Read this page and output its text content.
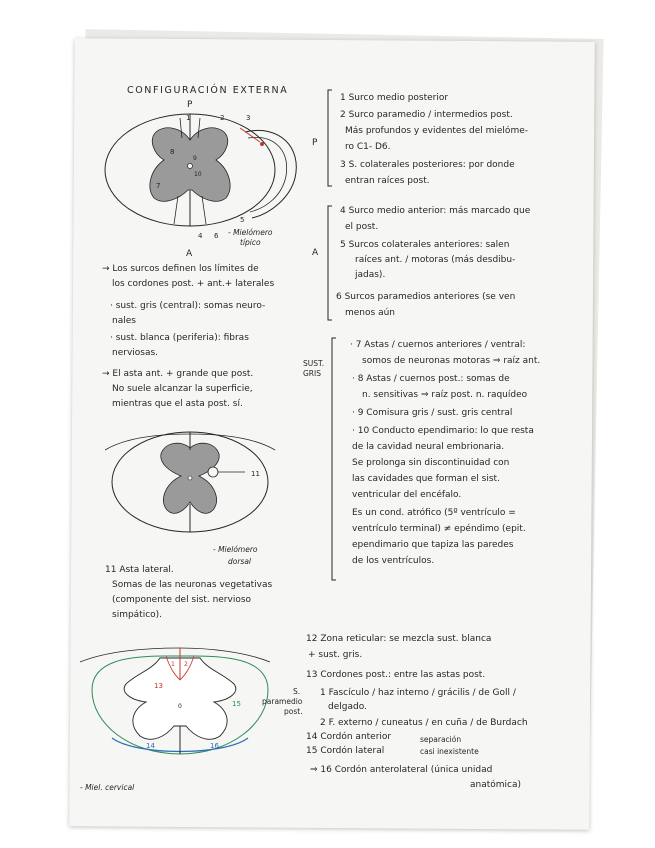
CONFIGURACIÓN EXTERNA
P
1	2	3
8
9
10
7
5
4 6
A
- Mielómero
típico
→ Los surcos definen los límites de
los cordones post. + ant.+ laterales
· sust. gris (central): somas neuro-
nales
· sust. blanca (periferia): fibras
nerviosas.
→ El asta ant. + grande que post.
No suele alcanzar la superficie,
mientras que el asta post. sí.
11
- Mielómero
dorsal
11 Asta lateral.
Somas de las neuronas vegetativas
(componente del sist. nervioso
simpático).
1 2
13
0	15
14	16
- Miel. cervical
P
A
SUST.
GRIS
1 Surco medio posterior
2 Surco paramedio / intermedios post.
Más profundos y evidentes del mielóme-
ro C1- D6.
3 S. colaterales posteriores: por donde
entran raíces post.
4 Surco medio anterior: más marcado que
el post.
5 Surcos colaterales anteriores: salen
raíces ant. / motoras (más desdibu-
jadas).
6 Surcos paramedios anteriores (se ven
menos aún
· 7 Astas / cuernos anteriores / ventral:
somos de neuronas motoras ⇒ raíz ant.
· 8 Astas / cuernos post.: somas de
n. sensitivas ⇒ raíz post. n. raquídeo
· 9 Comisura gris / sust. gris central
· 10 Conducto ependimario: lo que resta
de la cavidad neural embrionaria.
Se prolonga sin discontinuidad con
las cavidades que forman el sist.
ventricular del encéfalo.
Es un cond. atrófico (5º ventrículo =
ventrículo terminal) ≠ epéndimo (epit.
ependimario que tapiza las paredes
de los ventrículos.
12 Zona reticular: se mezcla sust. blanca
+ sust. gris.
13 Cordones post.: entre las astas post.
S.
paramedio
post.
1 Fascículo / haz interno / grácilis / de Goll /
delgado.
2 F. externo / cuneatus / en cuña / de Burdach
14 Cordón anterior
15 Cordón lateral
separación
casi inexistente
⇒ 16 Cordón anterolateral (única unidad
anatómica)
